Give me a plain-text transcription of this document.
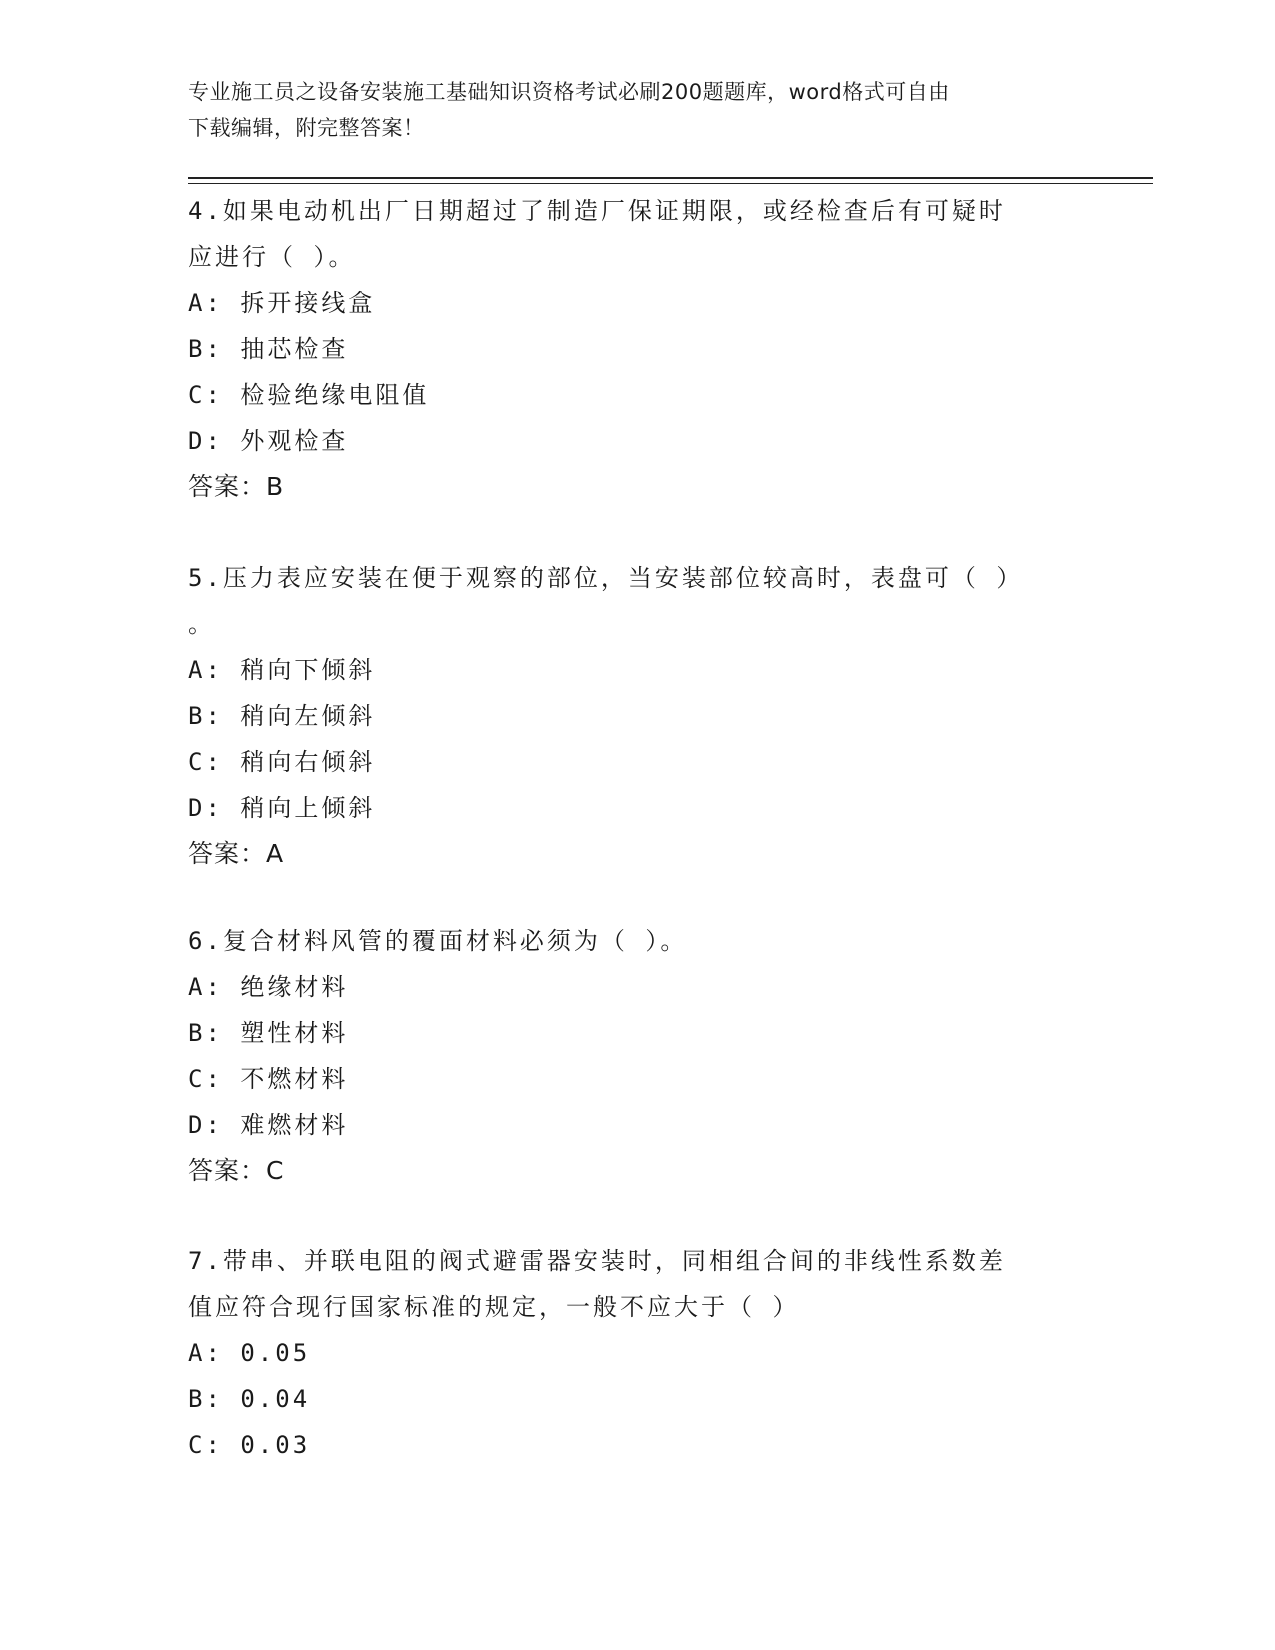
专业施工员之设备安装施工基础知识资格考试必刷200题题库，word格式可自由
下载编辑，附完整答案！
4.如果电动机出厂日期超过了制造厂保证期限，或经检查后有可疑时
应进行（ ）。
A: 拆开接线盒
B: 抽芯检查
C: 检验绝缘电阻值
D: 外观检查
答案：B
5.压力表应安装在便于观察的部位，当安装部位较高时，表盘可（ ）
。
A: 稍向下倾斜
B: 稍向左倾斜
C: 稍向右倾斜
D: 稍向上倾斜
答案：A
6.复合材料风管的覆面材料必须为（ ）。
A: 绝缘材料
B: 塑性材料
C: 不燃材料
D: 难燃材料
答案：C
7.带串、并联电阻的阀式避雷器安装时，同相组合间的非线性系数差
值应符合现行国家标准的规定，一般不应大于（ ）
A: 0.05
B: 0.04
C: 0.03
